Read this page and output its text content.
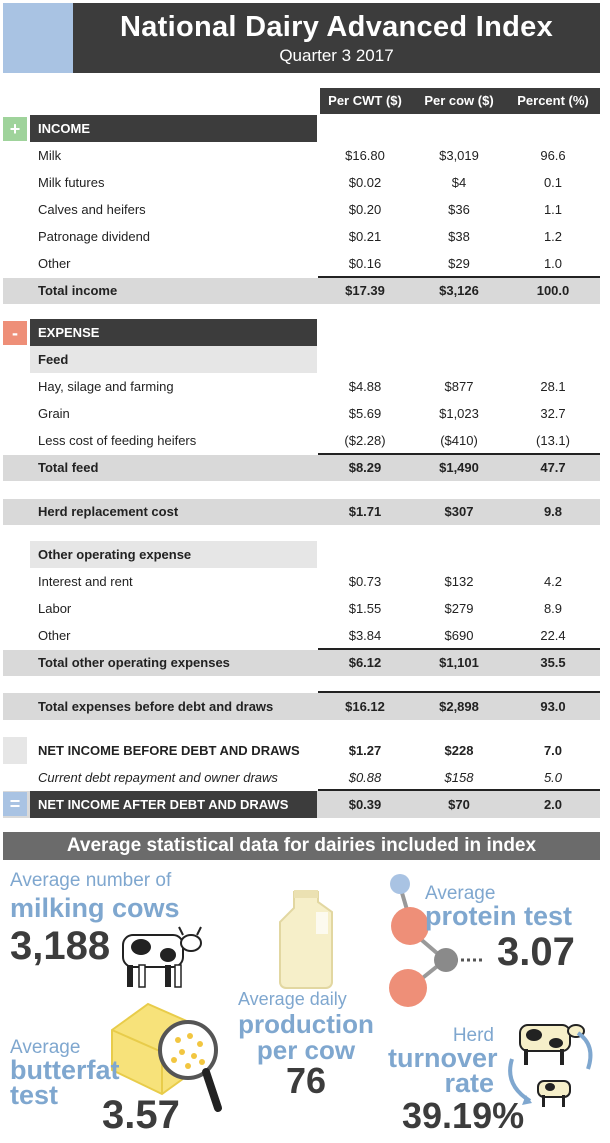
National Dairy Advanced Index
Quarter 3 2017
Per CWT ($)	Per cow ($)	Percent (%)
+	INCOME
Milk	$16.80	$3,019	96.6
Milk futures	$0.02	$4	0.1
Calves and heifers	$0.20	$36	1.1
Patronage dividend	$0.21	$38	1.2
Other	$0.16	$29	1.0
Total income	$17.39	$3,126	100.0
-	EXPENSE
Feed
Hay, silage and farming	$4.88	$877	28.1
Grain	$5.69	$1,023	32.7
Less cost of feeding heifers	($2.28)	($410)	(13.1)
Total feed	$8.29	$1,490	47.7
Herd replacement cost	$1.71	$307	9.8
Other operating expense
Interest and rent	$0.73	$132	4.2
Labor	$1.55	$279	8.9
Other	$3.84	$690	22.4
Total other operating expenses	$6.12	$1,101	35.5
Total expenses before debt and draws	$16.12	$2,898	93.0
NET INCOME BEFORE DEBT AND DRAWS	$1.27	$228	7.0
Current debt repayment and owner draws	$0.88	$158	5.0
=	NET INCOME AFTER DEBT AND DRAWS	$0.39	$70	2.0
Average statistical data for dairies included in index
Average number of
milking cows
3,188
Average
protein test
3.07
Average daily
production
per cow
76
Average
butterfat
test 3.57
Herd
turnover
rate
39.19%
